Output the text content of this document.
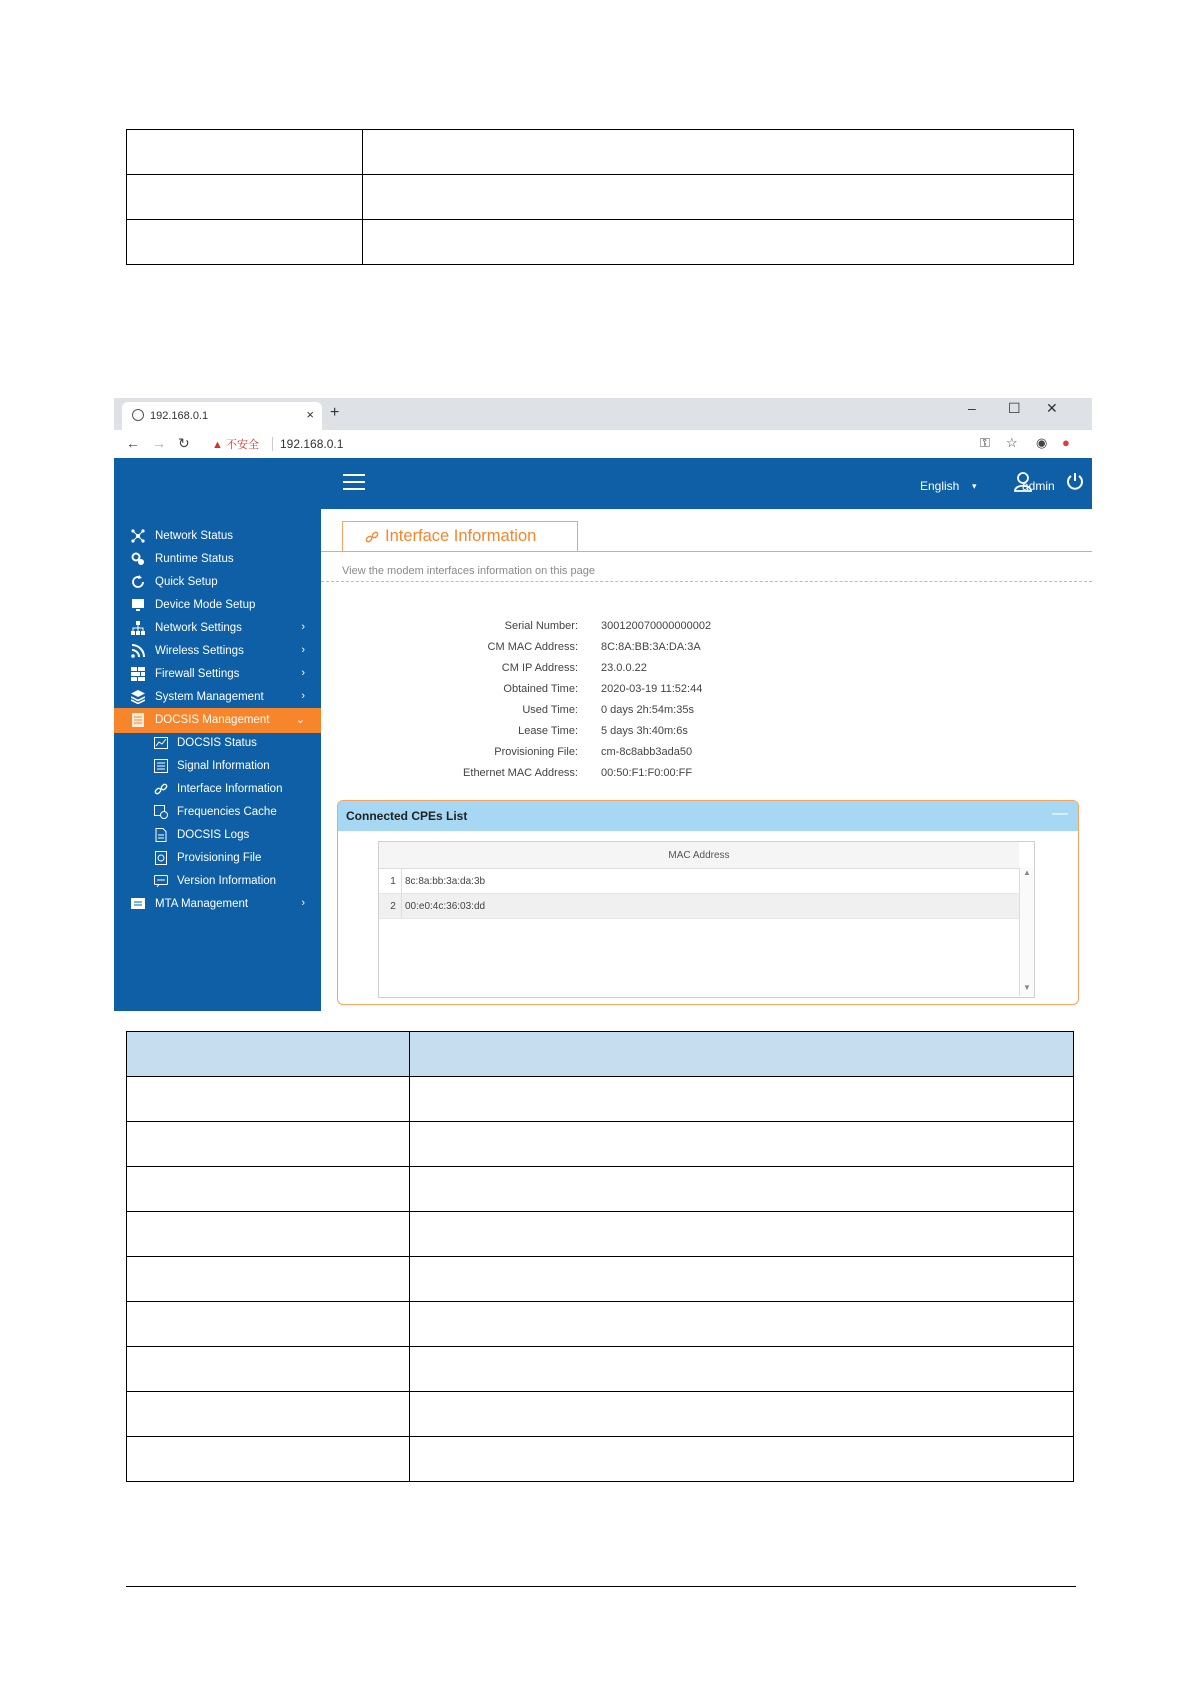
192.168.0.1	× +	– ☐ ✕
← → ↻ ▲ 不安全 192.168.0.1	⚿ ☆ ◉ ●
English ▾	admin
Network Status
Runtime Status
Quick Setup
Device Mode Setup
Network Settings	›
Wireless Settings	›
Firewall Settings	›
System Management	›
DOCSIS Management ⌄
DOCSIS Status
Signal Information
Interface Information
Frequencies Cache
DOCSIS Logs
Provisioning File
Version Information
MTA Management	›
Interface Information
View the modem interfaces information on this page
Serial Number: 300120070000000002
CM MAC Address: 8C:8A:BB:3A:DA:3A
CM IP Address: 23.0.0.22
Obtained Time: 2020-03-19 11:52:44
Used Time: 0 days 2h:54m:35s
Lease Time: 5 days 3h:40m:6s
Provisioning File: cm-8c8abb3ada50
Ethernet MAC Address: 00:50:F1:F0:00:FF
Connected CPEs List	—
MAC Address
1 8c:8a:bb:3a:da:3b
2 00:e0:4c:36:03:dd
▲
▼
